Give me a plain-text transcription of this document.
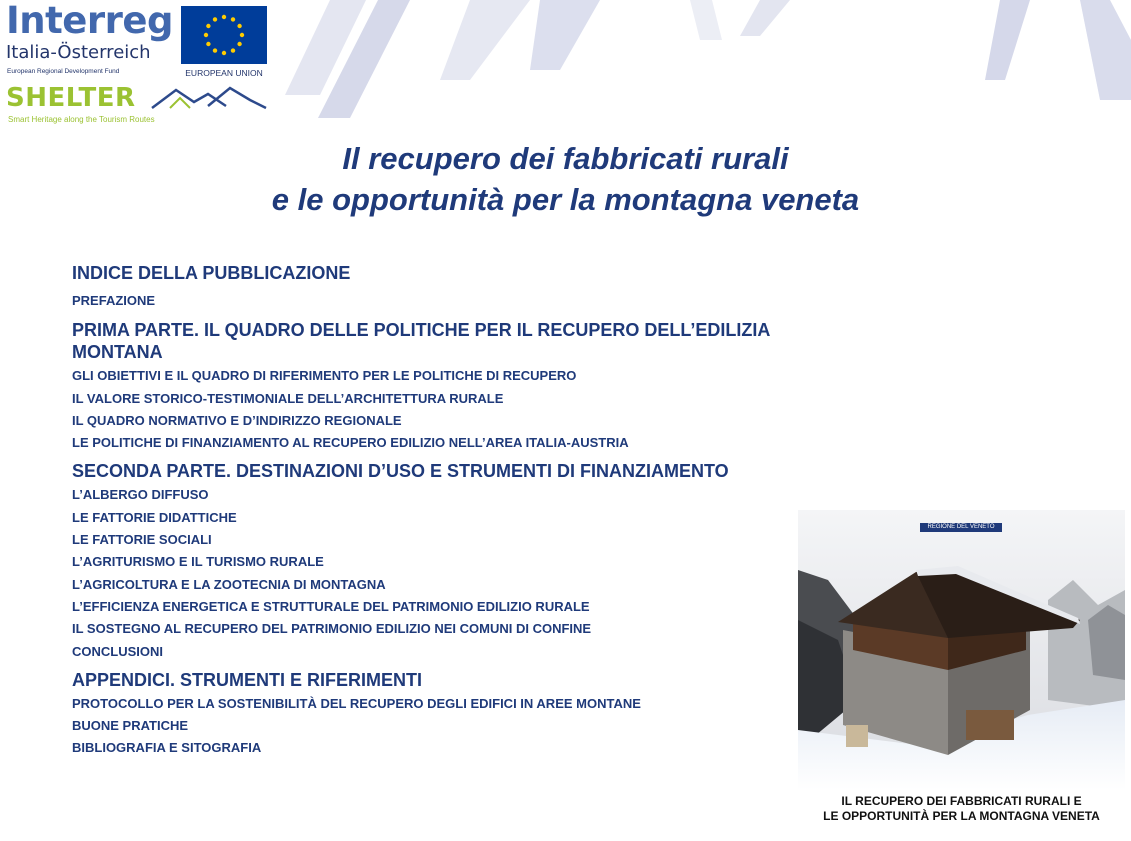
Interreg
Italia-Österreich
European Regional Development Fund	EUROPEAN UNION
SHELTER
Smart Heritage along the Tourism Routes
Il recupero dei fabbricati rurali
e le opportunità per la montagna veneta
INDICE DELLA PUBBLICAZIONE
PREFAZIONE
PRIMA PARTE. IL QUADRO DELLE POLITICHE PER IL RECUPERO DELL’EDILIZIA
MONTANA
GLI OBIETTIVI E IL QUADRO DI RIFERIMENTO PER LE POLITICHE DI RECUPERO
IL VALORE STORICO-TESTIMONIALE DELL’ARCHITETTURA RURALE
IL QUADRO NORMATIVO E D’INDIRIZZO REGIONALE
LE POLITICHE DI FINANZIAMENTO AL RECUPERO EDILIZIO NELL’AREA ITALIA-AUSTRIA
SECONDA PARTE. DESTINAZIONI D’USO E STRUMENTI DI FINANZIAMENTO
L’ALBERGO DIFFUSO
LE FATTORIE DIDATTICHE
LE FATTORIE SOCIALI
L’AGRITURISMO E IL TURISMO RURALE
L’AGRICOLTURA E LA ZOOTECNIA DI MONTAGNA
L’EFFICIENZA ENERGETICA E STRUTTURALE DEL PATRIMONIO EDILIZIO RURALE
IL SOSTEGNO AL RECUPERO DEL PATRIMONIO EDILIZIO NEI COMUNI DI CONFINE
CONCLUSIONI
APPENDICI. STRUMENTI E RIFERIMENTI
PROTOCOLLO PER LA SOSTENIBILITÀ DEL RECUPERO DEGLI EDIFICI IN AREE MONTANE
BUONE PRATICHE
BIBLIOGRAFIA E SITOGRAFIA
REGIONE DEL VENETO
IL RECUPERO DEI FABBRICATI RURALI E
LE OPPORTUNITÀ PER LA MONTAGNA VENETA
